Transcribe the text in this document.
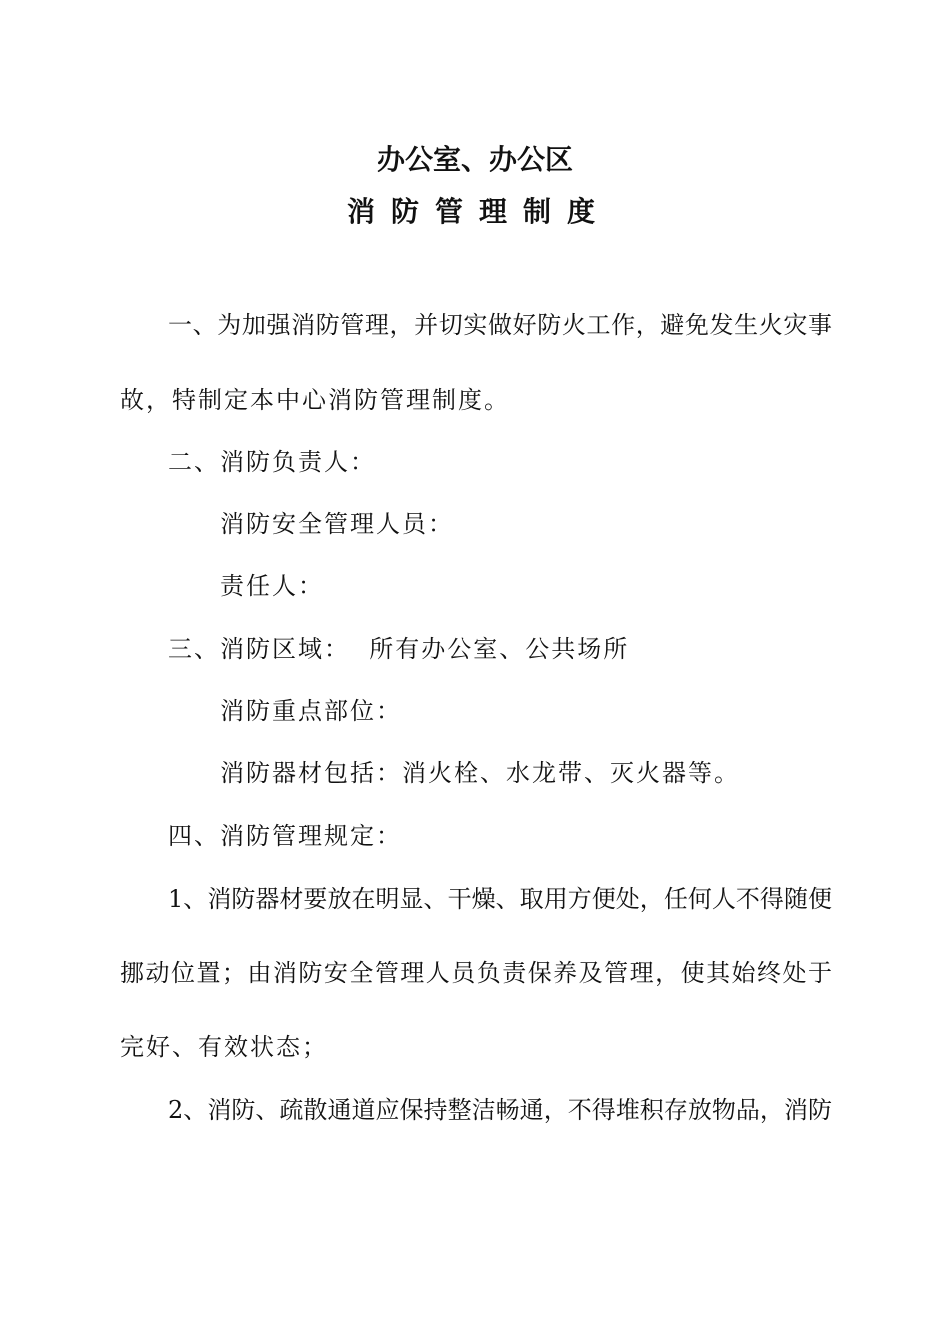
办公室、办公区
消防管理制度
一、为加强消防管理，并切实做好防火工作，避免发生火灾事
故，特制定本中心消防管理制度。
二、消防负责人：
消防安全管理人员：
责任人：
三、消防区域：  所有办公室、公共场所
消防重点部位：
消防器材包括：消火栓、水龙带、灭火器等。
四、消防管理规定：
1、消防器材要放在明显、干燥、取用方便处，任何人不得随便
挪动位置；由消防安全管理人员负责保养及管理，使其始终处于
完好、有效状态；
2、消防、疏散通道应保持整洁畅通，不得堆积存放物品，消防
